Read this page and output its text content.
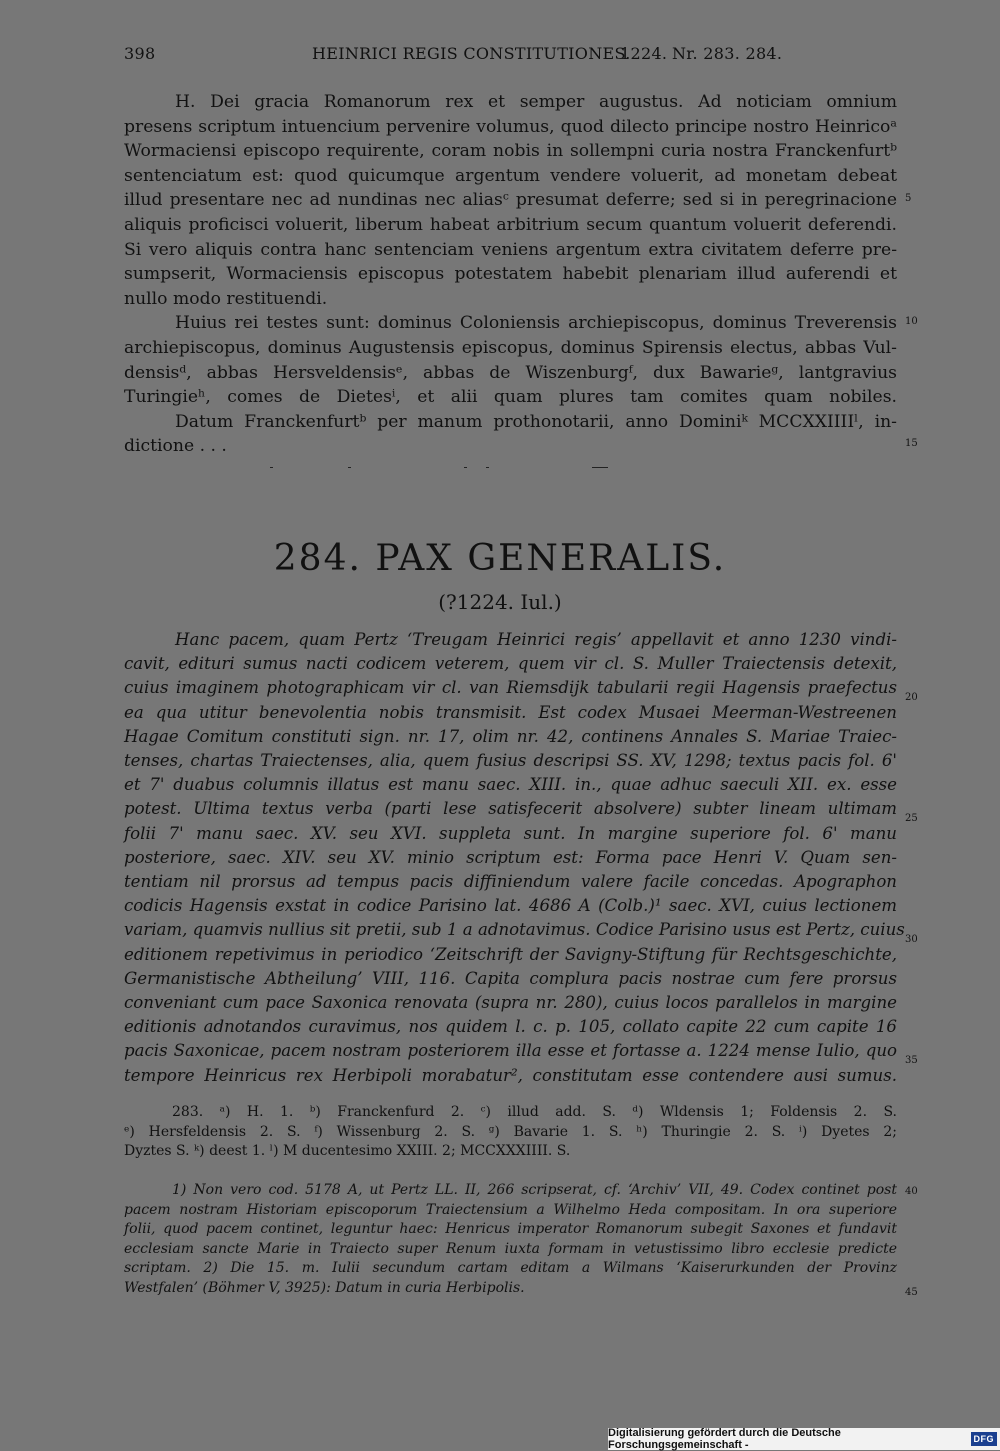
398	HEINRICI REGIS CONSTITUTIONES.
1224. Nr. 283. 284.
H. Dei gracia Romanorum rex et semper augustus. Ad noticiam omnium
presens scriptum intuencium pervenire volumus, quod dilecto principe nostro Heinricoᵃ
Wormaciensi episcopo requirente, coram nobis in sollempni curia nostra Franckenfurtᵇ
sentenciatum est: quod quicumque argentum vendere voluerit, ad monetam debeat
illud presentare nec ad nundinas nec aliasᶜ presumat deferre; sed si in peregrinacione
aliquis proficisci voluerit, liberum habeat arbitrium secum quantum voluerit deferendi.
Si vero aliquis contra hanc sentenciam veniens argentum extra civitatem deferre pre-
sumpserit, Wormaciensis episcopus potestatem habebit plenariam illud auferendi et
nullo modo restituendi.
Huius rei testes sunt: dominus Coloniensis archiepiscopus, dominus Treverensis
archiepiscopus, dominus Augustensis episcopus, dominus Spirensis electus, abbas Vul-
densisᵈ, abbas Hersveldensisᵉ, abbas de Wiszenburgᶠ, dux Bawarieᵍ, lantgravius
Turingieʰ, comes de Dietesⁱ, et alii quam plures tam comites quam nobiles.
Datum Franckenfurtᵇ per manum prothonotarii, anno Dominiᵏ MCCXXIIIIˡ, in-
dictione . . .
284. PAX GENERALIS.
(?1224. Iul.)
Hanc pacem, quam Pertz ‘Treugam Heinrici regis’ appellavit et anno 1230 vindi-
cavit, edituri sumus nacti codicem veterem, quem vir cl. S. Muller Traiectensis detexit,
cuius imaginem photographicam vir cl. van Riemsdijk tabularii regii Hagensis praefectus
ea qua utitur benevolentia nobis transmisit. Est codex Musaei Meerman-Westreenen
Hagae Comitum constituti sign. nr. 17, olim nr. 42, continens Annales S. Mariae Traiec-
tenses, chartas Traiectenses, alia, quem fusius descripsi SS. XV, 1298; textus pacis fol. 6'
et 7' duabus columnis illatus est manu saec. XIII. in., quae adhuc saeculi XII. ex. esse
potest. Ultima textus verba (parti lese satisfecerit absolvere) subter lineam ultimam
folii 7' manu saec. XV. seu XVI. suppleta sunt. In margine superiore fol. 6' manu
posteriore, saec. XIV. seu XV. minio scriptum est: Forma pace Henri V. Quam sen-
tentiam nil prorsus ad tempus pacis diffiniendum valere facile concedas. Apographon
codicis Hagensis exstat in codice Parisino lat. 4686 A (Colb.)¹ saec. XVI, cuius lectionem
variam, quamvis nullius sit pretii, sub 1 a adnotavimus. Codice Parisino usus est Pertz, cuius
editionem repetivimus in periodico ‘Zeitschrift der Savigny-Stiftung für Rechtsgeschichte,
Germanistische Abtheilung’ VIII, 116. Capita complura pacis nostrae cum fere prorsus
conveniant cum pace Saxonica renovata (supra nr. 280), cuius locos parallelos in margine
editionis adnotandos curavimus, nos quidem l. c. p. 105, collato capite 22 cum capite 16
pacis Saxonicae, pacem nostram posteriorem illa esse et fortasse a. 1224 mense Iulio, quo
tempore Heinricus rex Herbipoli morabatur², constitutam esse contendere ausi sumus.
283. ᵃ) H. 1. ᵇ) Franckenfurd 2. ᶜ) illud add. S. ᵈ) Wldensis 1; Foldensis 2. S.
ᵉ) Hersfeldensis 2. S. ᶠ) Wissenburg 2. S. ᵍ) Bavarie 1. S. ʰ) Thuringie 2. S. ⁱ) Dyetes 2;
Dyztes S. ᵏ) deest 1. ˡ) M ducentesimo XXIII. 2; MCCXXXIIII. S.
1) Non vero cod. 5178 A, ut Pertz LL. II, 266 scripserat, cf. ‘Archiv’ VII, 49. Codex continet post
pacem nostram Historiam episcoporum Traiectensium a Wilhelmo Heda compositam. In ora superiore
folii, quod pacem continet, leguntur haec: Henricus imperator Romanorum subegit Saxones et fundavit
ecclesiam sancte Marie in Traiecto super Renum iuxta formam in vetustissimo libro ecclesie predicte
scriptam. 2) Die 15. m. Iulii secundum cartam editam a Wilmans ‘Kaiserurkunden der Provinz
Westfalen’ (Böhmer V, 3925): Datum in curia Herbipolis.
5
10
15
20
25
30
35
40
45
Digitalisierung gefördert durch die Deutsche Forschungsgemeinschaft -	DFG
